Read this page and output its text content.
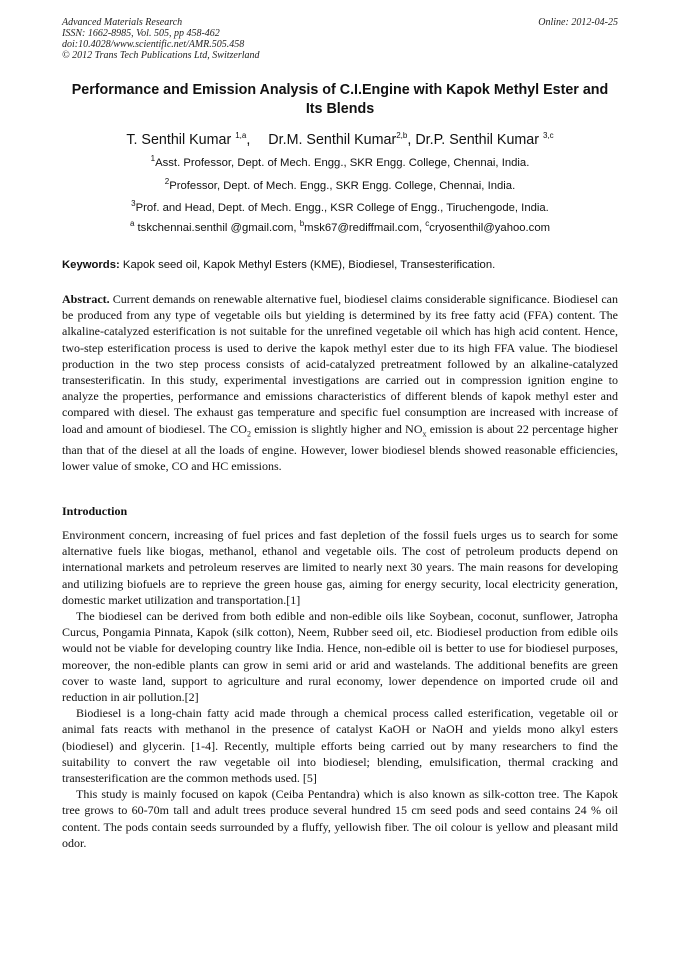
Advanced Materials Research
ISSN: 1662-8985, Vol. 505, pp 458-462
doi:10.4028/www.scientific.net/AMR.505.458
© 2012 Trans Tech Publications Ltd, Switzerland
Online: 2012-04-25
Performance and Emission Analysis of C.I.Engine with Kapok Methyl Ester and Its Blends
T. Senthil Kumar $^{1,a}$, Dr.M. Senthil Kumar$^{2,b}$, Dr.P. Senthil Kumar $^{3,c}$
$^1$Asst. Professor, Dept. of Mech. Engg., SKR Engg. College, Chennai, India.
$^2$Professor, Dept. of Mech. Engg., SKR Engg. College, Chennai, India.
$^3$Prof. and Head, Dept. of Mech. Engg., KSR College of Engg., Tiruchengode, India.
$^a$ tskchennai.senthil @gmail.com, $^b$msk67@rediffmail.com, $^c$cryosenthil@yahoo.com
Keywords: Kapok seed oil, Kapok Methyl Esters (KME), Biodiesel, Transesterification.

Abstract. Current demands on renewable alternative fuel, biodiesel claims considerable significance. Biodiesel can be produced from any type of vegetable oils but yielding is determined by its free fatty acid (FFA) content. The alkaline-catalyzed esterification is not suitable for the unrefined vegetable oil which has high acid content. Hence, two-step esterification process is used to derive the kapok methyl ester due to its high FFA value. The biodiesel production in the two step process consists of acid-catalyzed pretreatment followed by an alkaline-catalyzed transesterificatin. In this study, experimental investigations are carried out in compression ignition engine to analyze the properties, performance and emissions characteristics of different blends of kapok methyl ester and compared with diesel. The exhaust gas temperature and specific fuel consumption are increased with increase of load and amount of biodiesel. The $CO_2$ emission is slightly higher and $NO_x$ emission is about 22 percentage higher than that of the diesel at all the loads of engine. However, lower biodiesel blends showed reasonable efficiencies, lower value of smoke, CO and HC emissions.

Introduction

Environment concern, increasing of fuel prices and fast depletion of the fossil fuels urges us to search for some alternative fuels like biogas, methanol, ethanol and vegetable oils. The cost of petroleum products depend on international markets and petroleum reserves are limited to nearly next 30 years. The main reasons for developing and utilizing biofuels are to reprieve the green house gas, aiming for energy security, local electricity generation, domestic market utilization and transportation.[1]

The biodiesel can be derived from both edible and non-edible oils like Soybean, coconut, sunflower, Jatropha Curcus, Pongamia Pinnata, Kapok (silk cotton), Neem, Rubber seed oil, etc. Biodiesel production from edible oils would not be viable for developing country like India. Hence, non-edible oil is better to use for biodiesel purposes, moreover, the non-edible plants can grow in semi arid or arid and wastelands. The additional benefits are green cover to waste land, support to agriculture and rural economy, lower dependence on imported crude oil and reduction in air pollution.[2]

Biodiesel is a long-chain fatty acid made through a chemical process called esterification, vegetable oil or animal fats reacts with methanol in the presence of catalyst KaOH or NaOH and yields mono alkyl esters (biodiesel) and glycerin. [1-4]. Recently, multiple efforts being carried out by many researchers to find the suitability to convert the raw vegetable oil into biodiesel; blending, emulsification, thermal cracking and transesterification are the common methods used. [5]

This study is mainly focused on kapok (Ceiba Pentandra) which is also known as silk-cotton tree. The Kapok tree grows to 60-70m tall and adult trees produce several hundred 15 cm seed pods and seed contains 24 % oil content. The pods contain seeds surrounded by a fluffy, yellowish fiber. The oil colour is yellow and pleasant mild odor.
